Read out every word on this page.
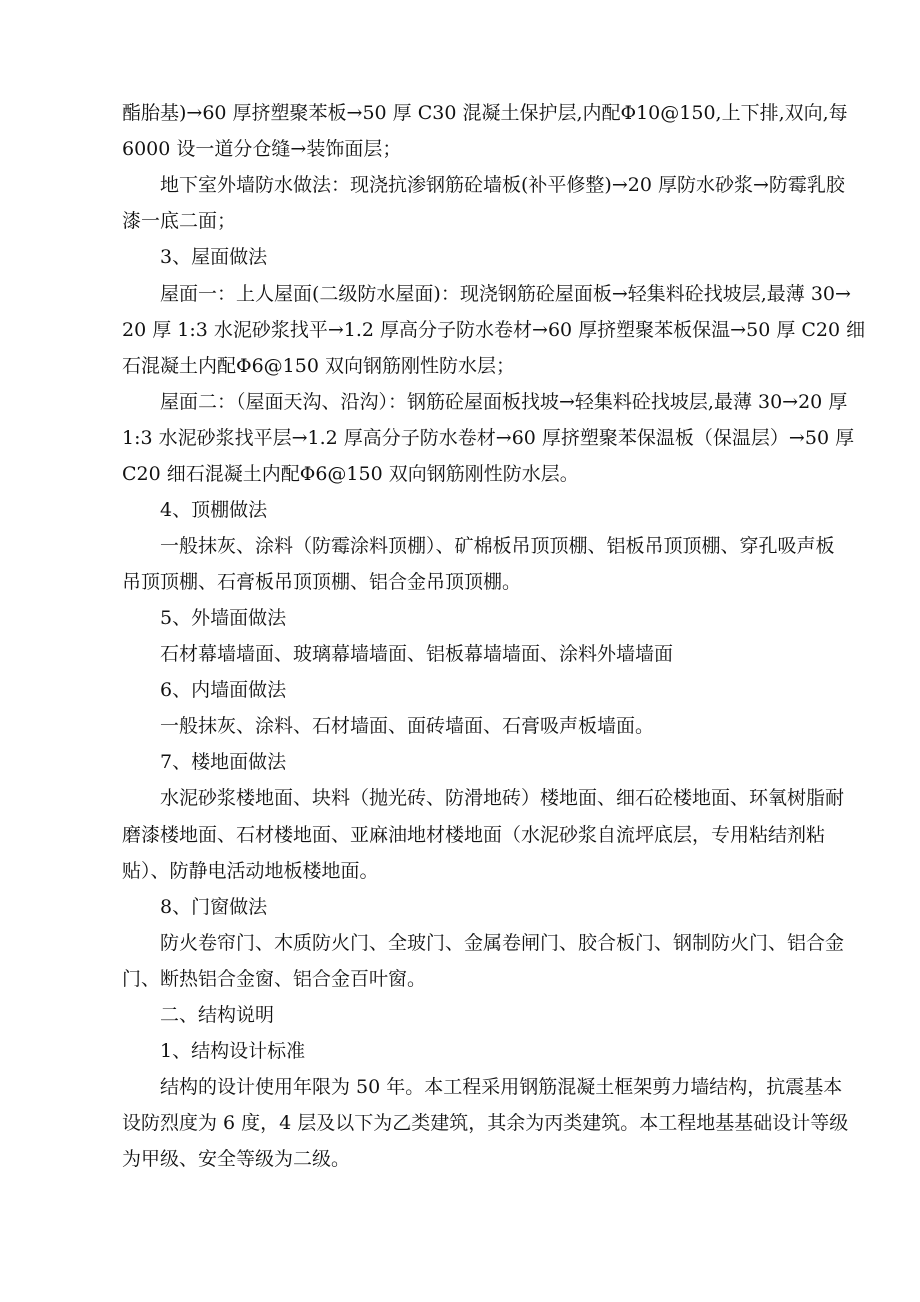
酯胎基)→60 厚挤塑聚苯板→50 厚 C30 混凝土保护层,内配Φ10@150,上下排,双向,每
6000 设一道分仓缝→装饰面层；
地下室外墙防水做法：现浇抗渗钢筋砼墙板(补平修整)→20 厚防水砂浆→防霉乳胶
漆一底二面；
3、屋面做法
屋面一：上人屋面(二级防水屋面)：现浇钢筋砼屋面板→轻集料砼找坡层,最薄 30→
20 厚 1:3 水泥砂浆找平→1.2 厚高分子防水卷材→60 厚挤塑聚苯板保温→50 厚 C20 细
石混凝土内配Φ6@150 双向钢筋刚性防水层；
屋面二：（屋面天沟、沿沟）：钢筋砼屋面板找坡→轻集料砼找坡层,最薄 30→20 厚
1:3 水泥砂浆找平层→1.2 厚高分子防水卷材→60 厚挤塑聚苯保温板（保温层）→50 厚
C20 细石混凝土内配Φ6@150 双向钢筋刚性防水层。
4、顶棚做法
一般抹灰、涂料（防霉涂料顶棚）、矿棉板吊顶顶棚、铝板吊顶顶棚、穿孔吸声板
吊顶顶棚、石膏板吊顶顶棚、铝合金吊顶顶棚。
5、外墙面做法
石材幕墙墙面、玻璃幕墙墙面、铝板幕墙墙面、涂料外墙墙面
6、内墙面做法
一般抹灰、涂料、石材墙面、面砖墙面、石膏吸声板墙面。
7、楼地面做法
水泥砂浆楼地面、块料（抛光砖、防滑地砖）楼地面、细石砼楼地面、环氧树脂耐
磨漆楼地面、石材楼地面、亚麻油地材楼地面（水泥砂浆自流坪底层，专用粘结剂粘
贴）、防静电活动地板楼地面。
8、门窗做法
防火卷帘门、木质防火门、全玻门、金属卷闸门、胶合板门、钢制防火门、铝合金
门、断热铝合金窗、铝合金百叶窗。
二、结构说明
1、结构设计标准
结构的设计使用年限为 50 年。本工程采用钢筋混凝土框架剪力墙结构，抗震基本
设防烈度为 6 度，4 层及以下为乙类建筑，其余为丙类建筑。本工程地基基础设计等级
为甲级、安全等级为二级。
